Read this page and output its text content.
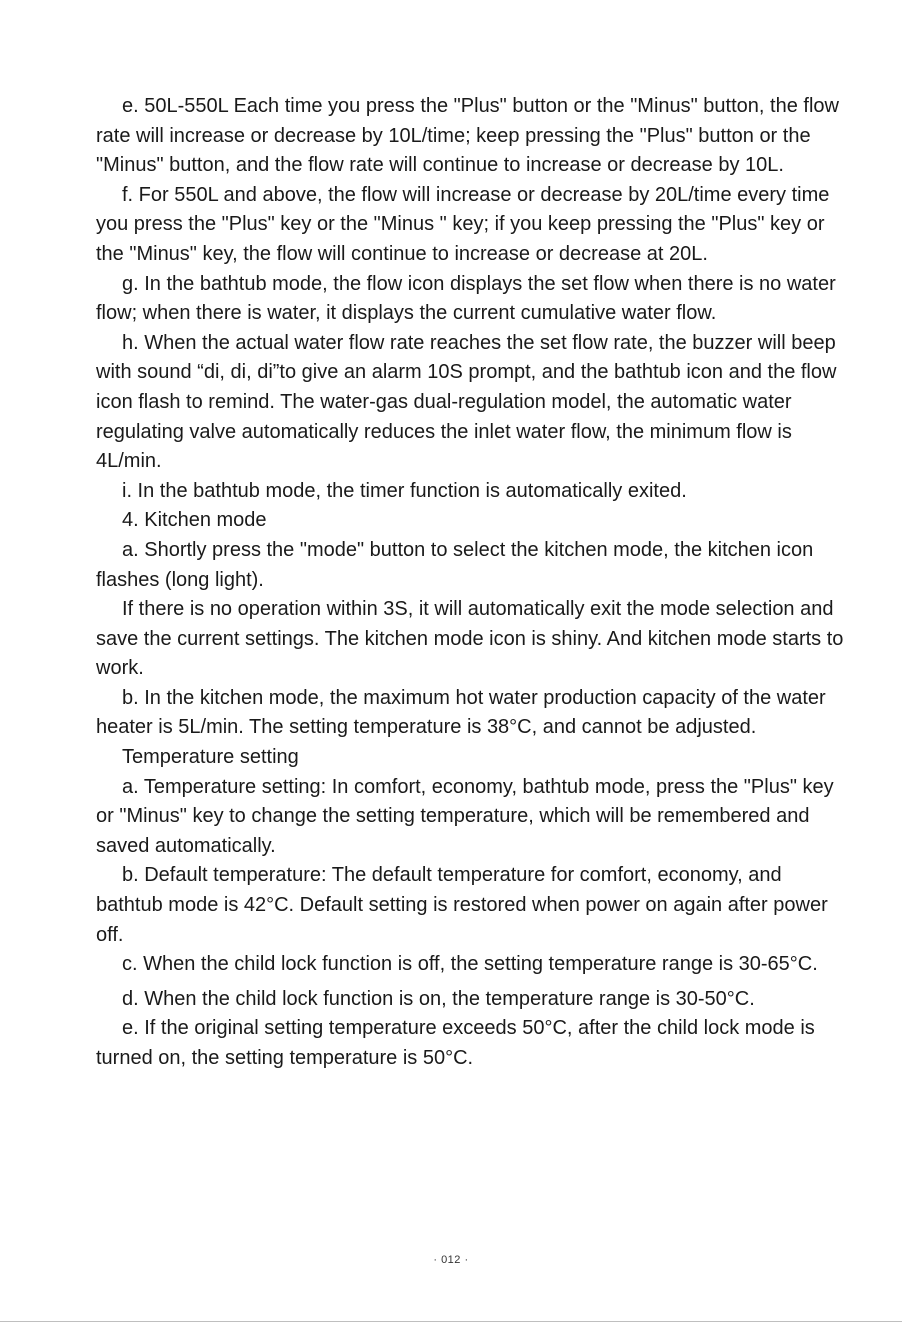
e. 50L-550L Each time you press the "Plus" button or the "Minus" button, the flow rate will increase or decrease by 10L/time; keep pressing the "Plus" button or the "Minus" button, and the flow rate will continue to increase or decrease by 10L.

f. For 550L and above, the flow will increase or decrease by 20L/time every time you press the "Plus" key or the "Minus " key; if you keep pressing the "Plus" key or the "Minus" key, the flow will continue to increase or decrease at 20L.

g. In the bathtub mode, the flow icon displays the set flow when there is no water flow; when there is water, it displays the current cumulative water flow.

h. When the actual water flow rate reaches the set flow rate, the buzzer will beep with sound “di, di, di”to give an alarm 10S prompt, and the bathtub icon and the flow icon flash to remind. The water-gas dual-regulation model, the automatic water regulating valve automatically reduces the inlet water flow, the minimum flow is 4L/min.

i. In the bathtub mode, the timer function is automatically exited.

4. Kitchen mode

a. Shortly press the "mode" button to select the kitchen mode, the kitchen icon flashes (long light).

If there is no operation within 3S, it will automatically exit the mode selection and save the current settings. The kitchen mode icon is shiny. And kitchen mode starts to work.

b. In the kitchen mode, the maximum hot water production capacity of the water heater is 5L/min. The setting temperature is 38°C, and cannot be adjusted.

Temperature setting

a. Temperature setting: In comfort, economy, bathtub mode, press the "Plus" key or "Minus" key to change the setting temperature, which will be remembered and saved automatically.

b. Default temperature: The default temperature for comfort, economy, and bathtub mode is 42°C. Default setting is restored when power on again after power off.

c. When the child lock function is off, the setting temperature range is 30-65°C.

d. When the child lock function is on, the temperature range is 30-50°C.

e. If the original setting temperature exceeds 50°C, after the child lock mode is turned on, the setting temperature is 50°C.

· 012 ·
